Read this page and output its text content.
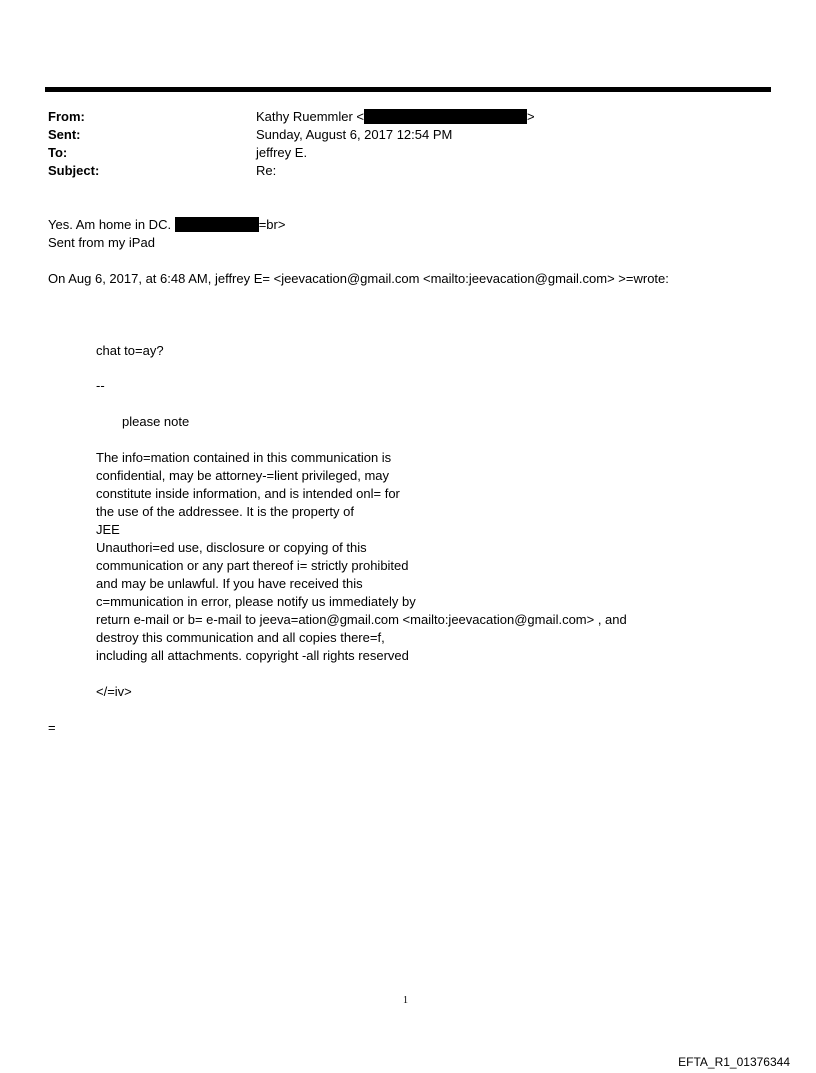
From:
Sent:
To:
Subject:
Kathy Ruemmler <	>
Sunday, August 6, 2017 12:54 PM
jeffrey E.
Re:
Yes. Am home in DC.	=br>
Sent from my iPad
On Aug 6, 2017, at 6:48 AM, jeffrey E= <jeevacation@gmail.com <mailto:jeevacation@gmail.com> >=wrote:
chat to=ay?
--
please note
The info=mation contained in this communication is
confidential, may be attorney-=lient privileged, may
constitute inside information, and is intended onl= for
the use of the addressee. It is the property of
JEE
Unauthori=ed use, disclosure or copying of this
communication or any part thereof i= strictly prohibited
and may be unlawful. If you have received this
c=mmunication in error, please notify us immediately by
return e-mail or b= e-mail to jeeva=ation@gmail.com <mailto:jeevacation@gmail.com> , and
destroy this communication and all copies there=f,
including all attachments. copyright -all rights reserved
</=iv>
=
1
EFTA_R1_01376344
